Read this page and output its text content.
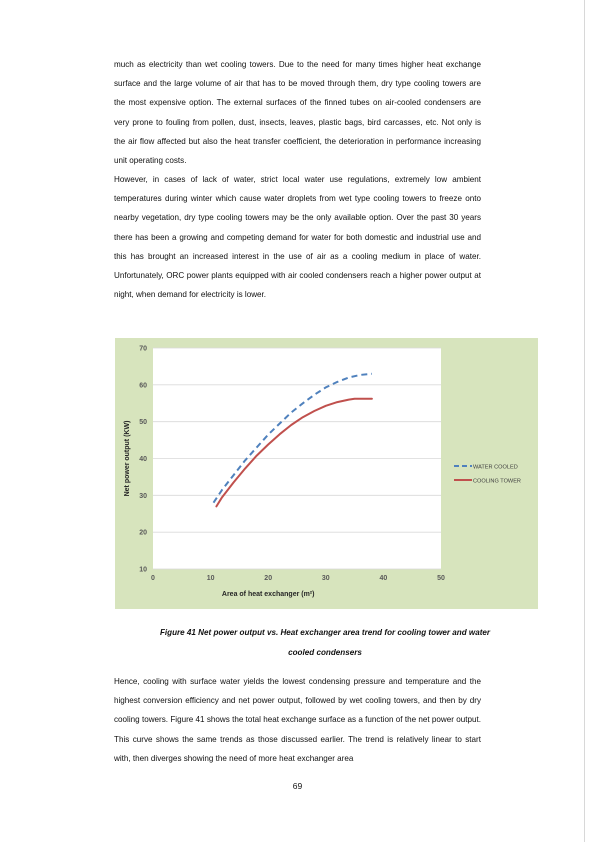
much as electricity than wet cooling towers. Due to the need for many times higher heat exchange surface and the large volume of air that has to be moved through them, dry type cooling towers are the most expensive option. The external surfaces of the finned tubes on air-cooled condensers are very prone to fouling from pollen, dust, insects, leaves, plastic bags, bird carcasses, etc. Not only is the air flow affected but also the heat transfer coefficient, the deterioration in performance increasing unit operating costs.

However, in cases of lack of water, strict local water use regulations, extremely low ambient temperatures during winter which cause water droplets from wet type cooling towers to freeze onto nearby vegetation, dry type cooling towers may be the only available option. Over the past 30 years there has been a growing and competing demand for water for both domestic and industrial use and this has brought an increased interest in the use of air as a cooling medium in place of water. Unfortunately, ORC power plants equipped with air cooled condensers reach a higher power output at night, when demand for electricity is lower.

10
20
30
40
50
60
70
0	10	20	30	40	50
Area of heat exchanger (m²)
Net power output (KW)	WATER COOLED
COOLING TOWER

Figure 41 Net power output vs. Heat exchanger area trend for cooling tower and water

cooled condensers

Hence, cooling with surface water yields the lowest condensing pressure and temperature and the highest conversion efficiency and net power output, followed by wet cooling towers, and then by dry cooling towers. Figure 41 shows the total heat exchange surface as a function of the net power output. This curve shows the same trends as those discussed earlier. The trend is relatively linear to start with, then diverges showing the need of more heat exchanger area

69
